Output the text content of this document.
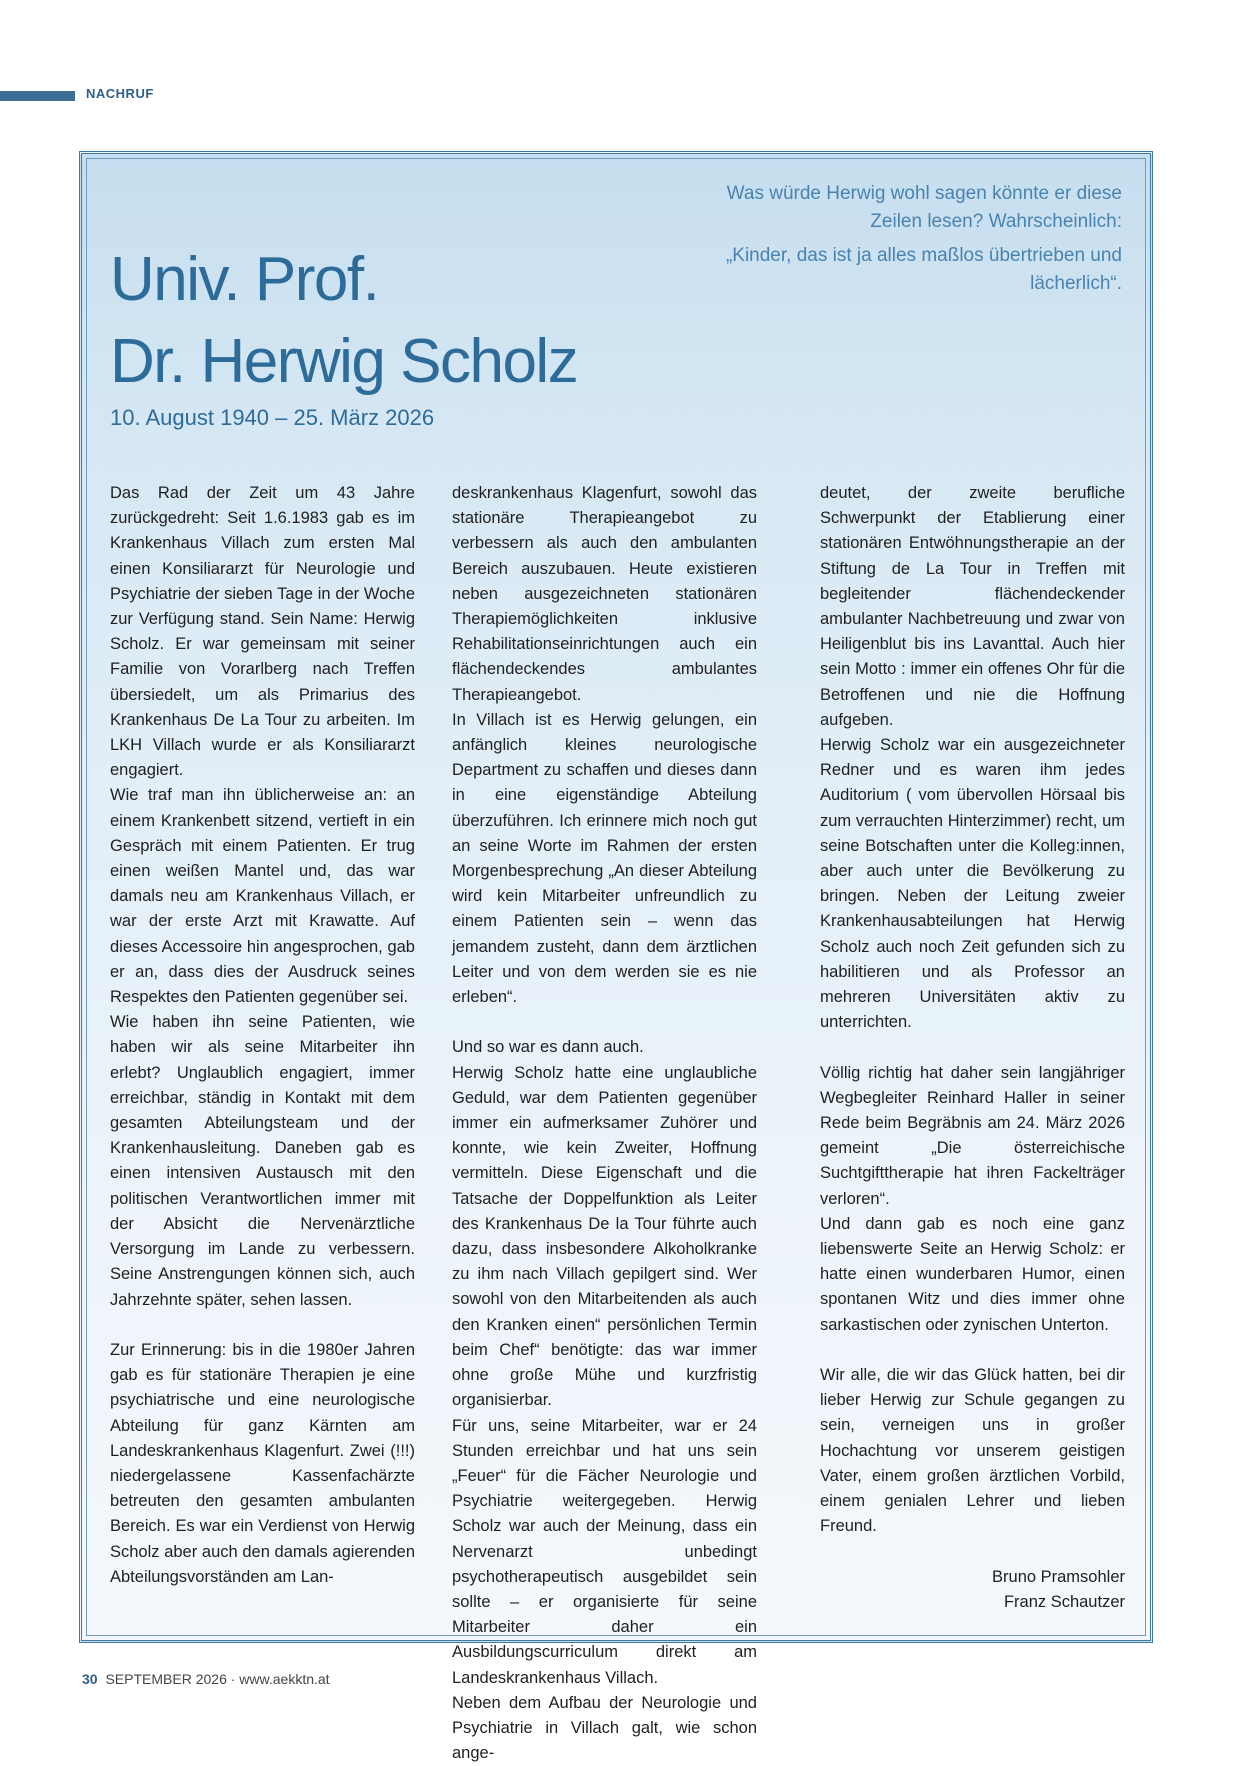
NACHRUF

Was würde Herwig wohl sagen könnte er diese Zeilen lesen? Wahrscheinlich:

„Kinder, das ist ja alles maßlos übertrieben und lächerlich“.

Univ. Prof.
Dr. Herwig Scholz

10. August 1940 – 25. März 2026

Das Rad der Zeit um 43 Jahre zurückgedreht: Seit 1.6.1983 gab es im Krankenhaus Villach zum ersten Mal einen Konsiliararzt für Neurologie und Psychiatrie der sieben Tage in der Woche zur Verfügung stand. Sein Name: Herwig Scholz. Er war gemeinsam mit seiner Familie von Vorarlberg nach Treffen übersiedelt, um als Primarius des Krankenhaus De La Tour zu arbeiten. Im LKH Villach wurde er als Konsiliararzt engagiert.

Wie traf man ihn üblicherweise an: an einem Krankenbett sitzend, vertieft in ein Gespräch mit einem Patienten. Er trug einen weißen Mantel und, das war damals neu am Krankenhaus Villach, er war der erste Arzt mit Krawatte. Auf dieses Accessoire hin angesprochen, gab er an, dass dies der Ausdruck seines Respektes den Patienten gegenüber sei.

Wie haben ihn seine Patienten, wie haben wir als seine Mitarbeiter ihn erlebt? Unglaublich engagiert, immer erreichbar, ständig in Kontakt mit dem gesamten Abteilungsteam und der Krankenhausleitung. Daneben gab es einen intensiven Austausch mit den politischen Verantwortlichen immer mit der Absicht die Nervenärztliche Versorgung im Lande zu verbessern. Seine Anstrengungen können sich, auch Jahrzehnte später, sehen lassen.

Zur Erinnerung: bis in die 1980er Jahren gab es für stationäre Therapien je eine psychiatrische und eine neurologische Abteilung für ganz Kärnten am Landeskrankenhaus Klagenfurt. Zwei (!!!) niedergelassene Kassenfachärzte betreuten den gesamten ambulanten Bereich. Es war ein Verdienst von Herwig Scholz aber auch den damals agierenden Abteilungsvorständen am Lan-

deskrankenhaus Klagenfurt, sowohl das stationäre Therapieangebot zu verbessern als auch den ambulanten Bereich auszubauen. Heute existieren neben ausgezeichneten stationären Therapiemöglichkeiten inklusive Rehabilitationseinrichtungen auch ein flächendeckendes ambulantes Therapieangebot.

In Villach ist es Herwig gelungen, ein anfänglich kleines neurologische Department zu schaffen und dieses dann in eine eigenständige Abteilung überzuführen. Ich erinnere mich noch gut an seine Worte im Rahmen der ersten Morgenbesprechung „An dieser Abteilung wird kein Mitarbeiter unfreundlich zu einem Patienten sein – wenn das jemandem zusteht, dann dem ärztlichen Leiter und von dem werden sie es nie erleben“.

Und so war es dann auch.

Herwig Scholz hatte eine unglaubliche Geduld, war dem Patienten gegenüber immer ein aufmerksamer Zuhörer und konnte, wie kein Zweiter, Hoffnung vermitteln. Diese Eigenschaft und die Tatsache der Doppelfunktion als Leiter des Krankenhaus De la Tour führte auch dazu, dass insbesondere Alkoholkranke zu ihm nach Villach gepilgert sind. Wer sowohl von den Mitarbeitenden als auch den Kranken einen“ persönlichen Termin beim Chef“ benötigte: das war immer ohne große Mühe und kurzfristig organisierbar.

Für uns, seine Mitarbeiter, war er 24 Stunden erreichbar und hat uns sein „Feuer“ für die Fächer Neurologie und Psychiatrie weitergegeben. Herwig Scholz war auch der Meinung, dass ein Nervenarzt unbedingt psychotherapeutisch ausgebildet sein sollte – er organisierte für seine Mitarbeiter daher ein Ausbildungscurriculum direkt am Landeskrankenhaus Villach.

Neben dem Aufbau der Neurologie und Psychiatrie in Villach galt, wie schon ange-

deutet, der zweite berufliche Schwerpunkt der Etablierung einer stationären Entwöhnungstherapie an der Stiftung de La Tour in Treffen mit begleitender flächendeckender ambulanter Nachbetreuung und zwar von Heiligenblut bis ins Lavanttal. Auch hier sein Motto : immer ein offenes Ohr für die Betroffenen und nie die Hoffnung aufgeben.

Herwig Scholz war ein ausgezeichneter Redner und es waren ihm jedes Auditorium ( vom übervollen Hörsaal bis zum verrauchten Hinterzimmer) recht, um seine Botschaften unter die Kolleg:innen, aber auch unter die Bevölkerung zu bringen. Neben der Leitung zweier Krankenhausabteilungen hat Herwig Scholz auch noch Zeit gefunden sich zu habilitieren und als Professor an mehreren Universitäten aktiv zu unterrichten.

Völlig richtig hat daher sein langjähriger Wegbegleiter Reinhard Haller in seiner Rede beim Begräbnis am 24. März 2026 gemeint „Die österreichische Suchtgifttherapie hat ihren Fackelträger verloren“.

Und dann gab es noch eine ganz liebenswerte Seite an Herwig Scholz: er hatte einen wunderbaren Humor, einen spontanen Witz und dies immer ohne sarkastischen oder zynischen Unterton.

Wir alle, die wir das Glück hatten, bei dir lieber Herwig zur Schule gegangen zu sein, verneigen uns in großer Hochachtung vor unserem geistigen Vater, einem großen ärztlichen Vorbild, einem genialen Lehrer und lieben Freund.

Bruno Pramsohler
Franz Schautzer
30 SEPTEMBER 2026 · www.aekktn.at
